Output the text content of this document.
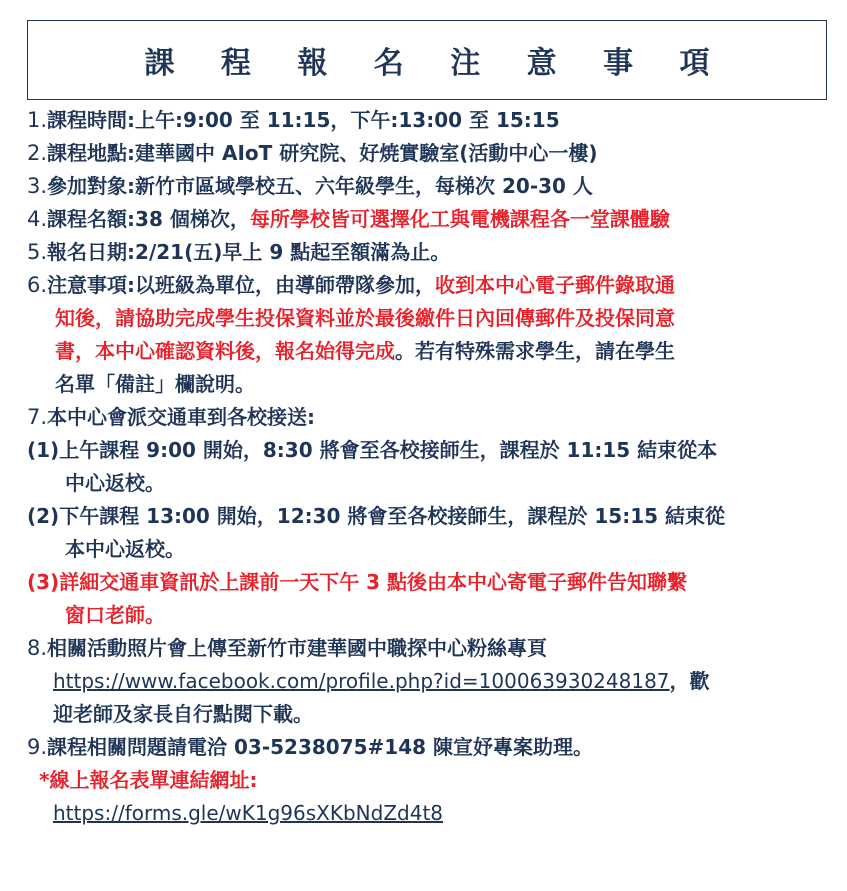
課 程 報 名 注 意 事 項
1.課程時間:上午:9:00 至 11:15，下午:13:00 至 15:15
2.課程地點:建華國中 AIoT 研究院、好焼實驗室(活動中心一樓)
3.參加對象:新竹市區域學校五、六年級學生，每梯次 20-30 人
4.課程名額:38 個梯次，每所學校皆可選擇化工與電機課程各一堂課體驗
5.報名日期:2/21(五)早上 9 點起至額滿為止。
6.注意事項:以班級為單位，由導師帶隊參加，收到本中心電子郵件錄取通
知後，請協助完成學生投保資料並於最後繳件日內回傳郵件及投保同意
書，本中心確認資料後，報名始得完成。若有特殊需求學生，請在學生
名單「備註」欄說明。
7.本中心會派交通車到各校接送:
(1)上午課程 9:00 開始，8:30 將會至各校接師生，課程於 11:15 結束從本
中心返校。
(2)下午課程 13:00 開始，12:30 將會至各校接師生，課程於 15:15 結束從
本中心返校。
(3)詳細交通車資訊於上課前一天下午 3 點後由本中心寄電子郵件告知聯繫
窗口老師。
8.相關活動照片會上傳至新竹市建華國中職探中心粉絲專頁
https://www.facebook.com/profile.php?id=100063930248187，歡
迎老師及家長自行點閱下載。
9.課程相關問題請電洽 03-5238075#148 陳宣妤專案助理。
*線上報名表單連結網址:
https://forms.gle/wK1g96sXKbNdZd4t8
